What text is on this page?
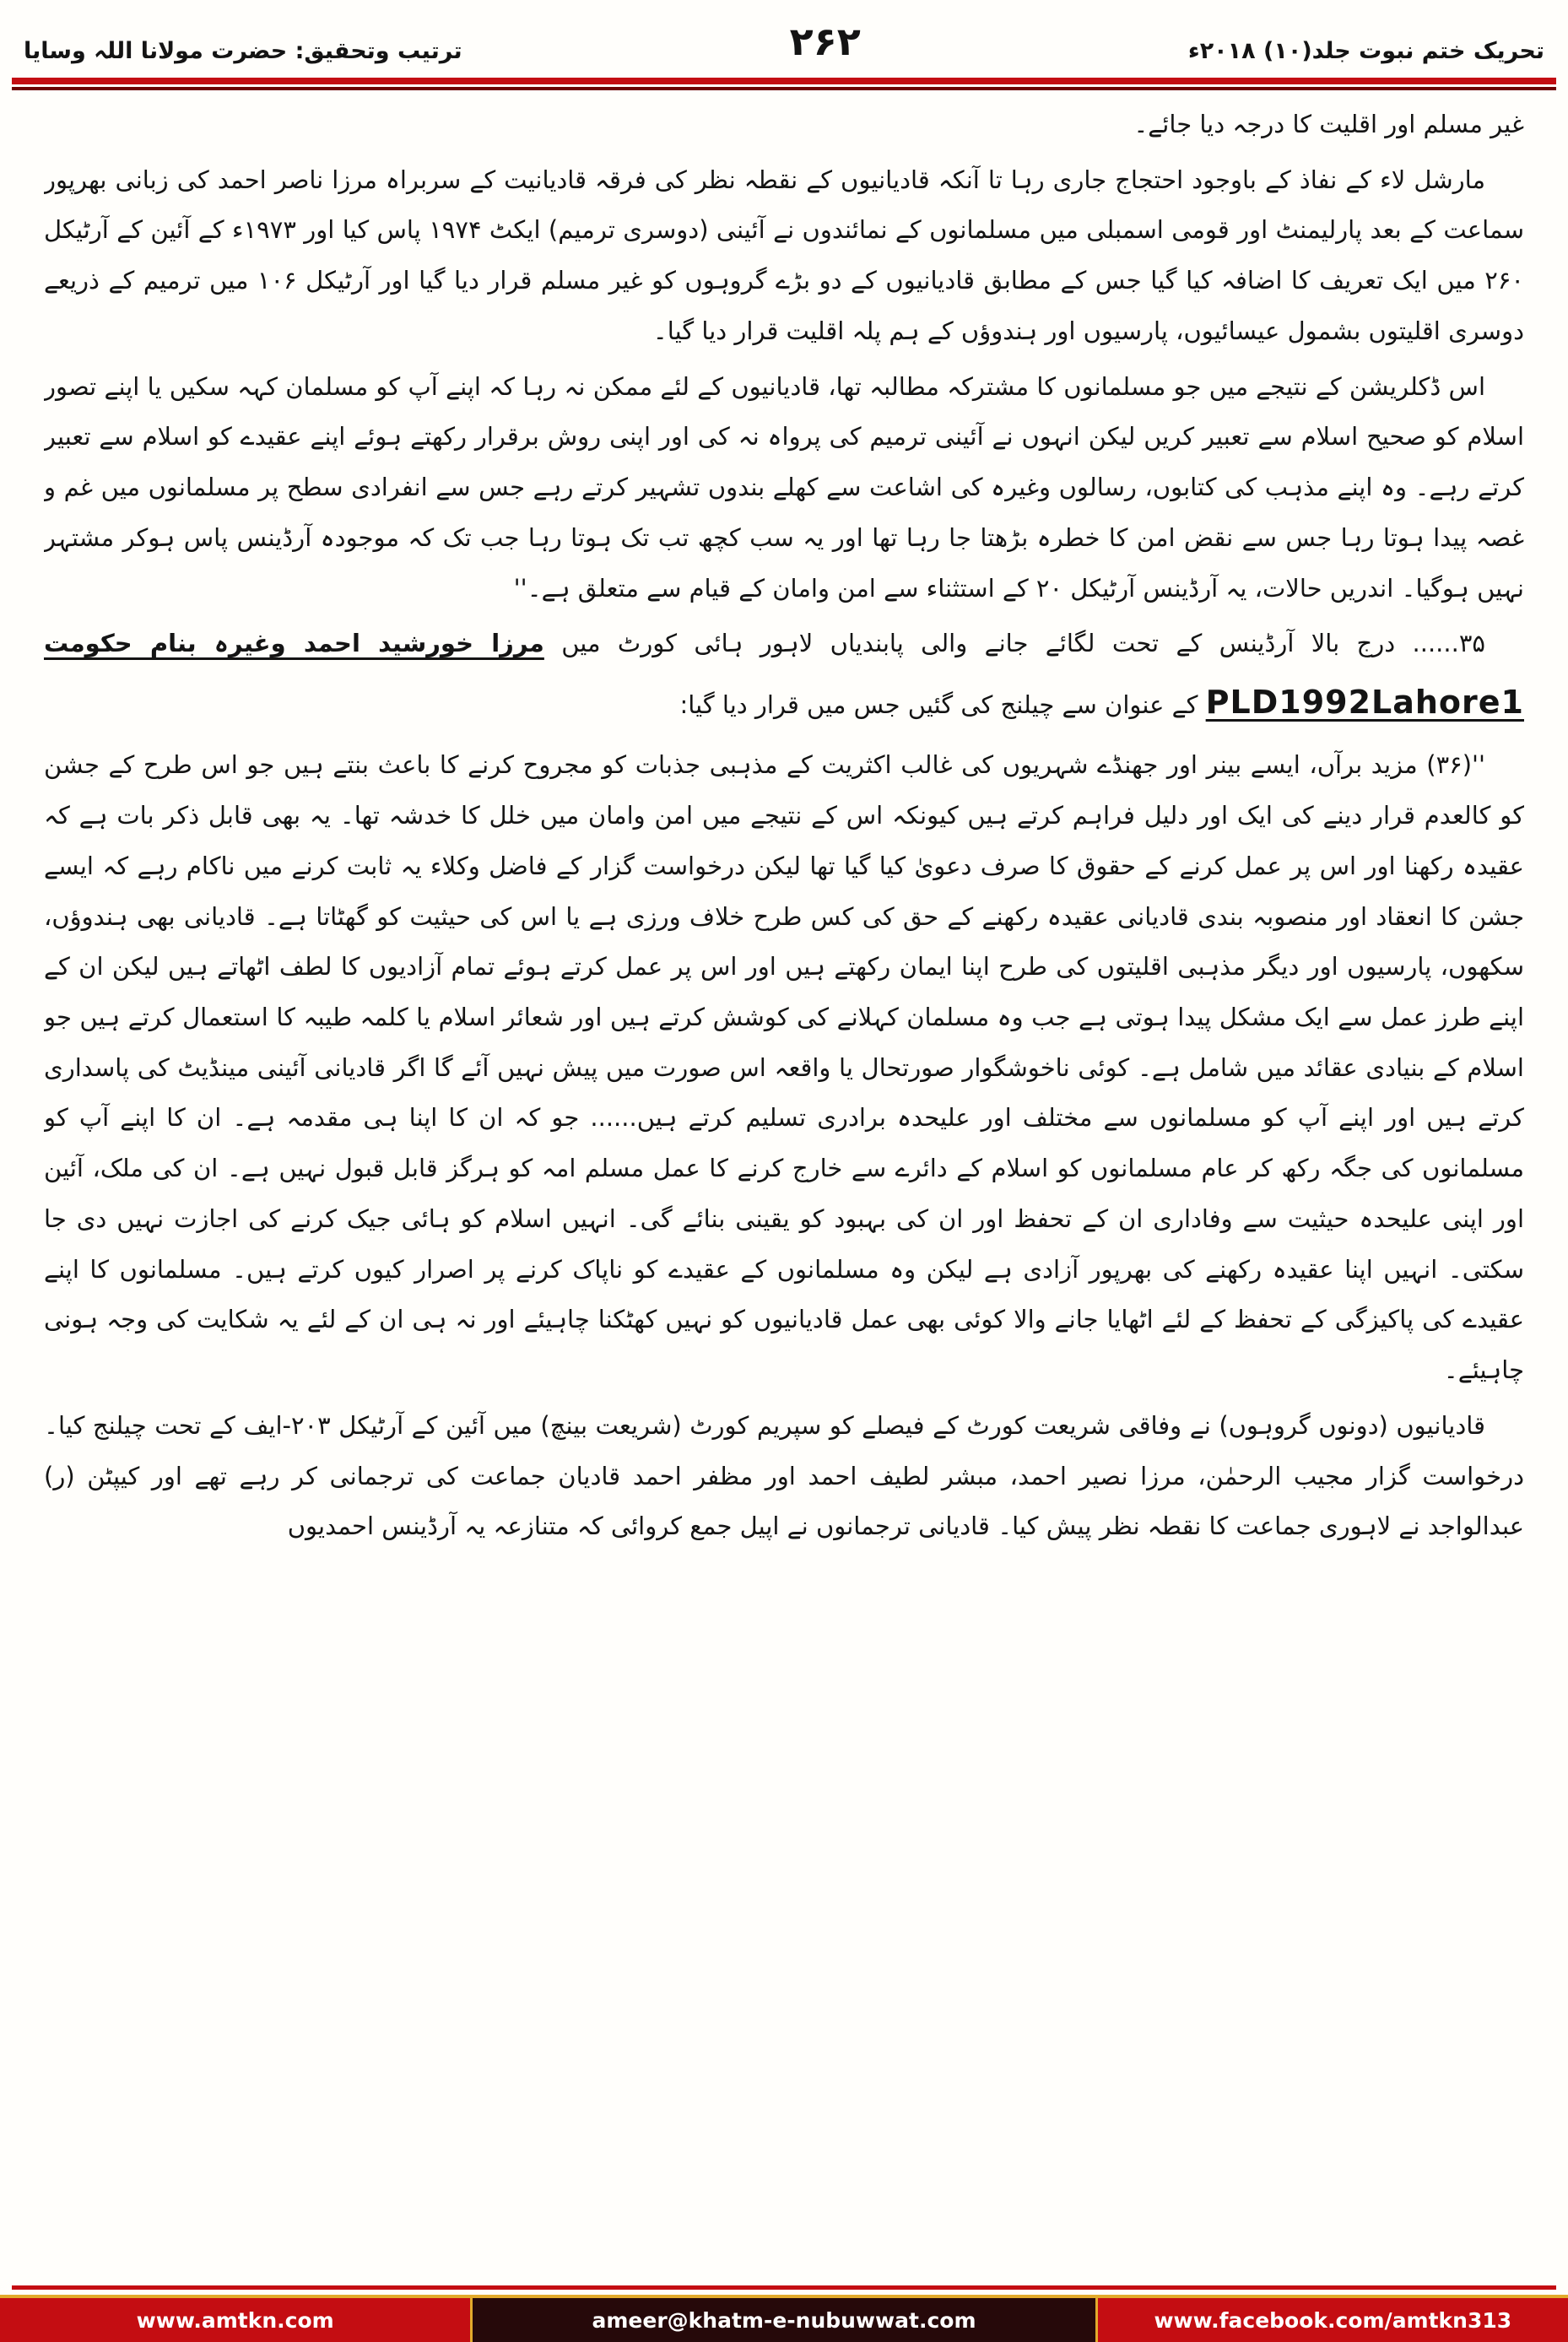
تحریک ختم نبوت جلد(۱۰) ۲۰۱۸ء
۲۶۲
ترتیب وتحقیق: حضرت مولانا اللہ وسایا

غیر مسلم اور اقلیت کا درجہ دیا جائے۔

مارشل لاء کے نفاذ کے باوجود احتجاج جاری رہا تا آنکہ قادیانیوں کے نقطہ نظر کی فرقہ قادیانیت کے سربراہ مرزا ناصر احمد کی زبانی بھرپور سماعت کے بعد پارلیمنٹ اور قومی اسمبلی میں مسلمانوں کے نمائندوں نے آئینی (دوسری ترمیم) ایکٹ ۱۹۷۴ پاس کیا اور ۱۹۷۳ء کے آئین کے آرٹیکل ۲۶۰ میں ایک تعریف کا اضافہ کیا گیا جس کے مطابق قادیانیوں کے دو بڑے گروہوں کو غیر مسلم قرار دیا گیا اور آرٹیکل ۱۰۶ میں ترمیم کے ذریعے دوسری اقلیتوں بشمول عیسائیوں، پارسیوں اور ہندوؤں کے ہم پلہ اقلیت قرار دیا گیا۔

اس ڈکلریشن کے نتیجے میں جو مسلمانوں کا مشترکہ مطالبہ تھا، قادیانیوں کے لئے ممکن نہ رہا کہ اپنے آپ کو مسلمان کہہ سکیں یا اپنے تصور اسلام کو صحیح اسلام سے تعبیر کریں لیکن انہوں نے آئینی ترمیم کی پرواہ نہ کی اور اپنی روش برقرار رکھتے ہوئے اپنے عقیدے کو اسلام سے تعبیر کرتے رہے۔ وہ اپنے مذہب کی کتابوں، رسالوں وغیرہ کی اشاعت سے کھلے بندوں تشہیر کرتے رہے جس سے انفرادی سطح پر مسلمانوں میں غم و غصہ پیدا ہوتا رہا جس سے نقض امن کا خطرہ بڑھتا جا رہا تھا اور یہ سب کچھ تب تک ہوتا رہا جب تک کہ موجودہ آرڈینس پاس ہوکر مشتہر نہیں ہوگیا۔ اندریں حالات، یہ آرڈینس آرٹیکل ۲۰ کے استثناء سے امن وامان کے قیام سے متعلق ہے۔''

۳۵...... درج بالا آرڈینس کے تحت لگائے جانے والی پابندیاں لاہور ہائی کورٹ میں مرزا خورشید احمد وغیرہ بنام حکومت PLD1992Lahore1 کے عنوان سے چیلنج کی گئیں جس میں قرار دیا گیا:

''(۳۶) مزید برآں، ایسے بینر اور جھنڈے شہریوں کی غالب اکثریت کے مذہبی جذبات کو مجروح کرنے کا باعث بنتے ہیں جو اس طرح کے جشن کو کالعدم قرار دینے کی ایک اور دلیل فراہم کرتے ہیں کیونکہ اس کے نتیجے میں امن وامان میں خلل کا خدشہ تھا۔ یہ بھی قابل ذکر بات ہے کہ عقیدہ رکھنا اور اس پر عمل کرنے کے حقوق کا صرف دعویٰ کیا گیا تھا لیکن درخواست گزار کے فاضل وکلاء یہ ثابت کرنے میں ناکام رہے کہ ایسے جشن کا انعقاد اور منصوبہ بندی قادیانی عقیدہ رکھنے کے حق کی کس طرح خلاف ورزی ہے یا اس کی حیثیت کو گھٹاتا ہے۔ قادیانی بھی ہندوؤں، سکھوں، پارسیوں اور دیگر مذہبی اقلیتوں کی طرح اپنا ایمان رکھتے ہیں اور اس پر عمل کرتے ہوئے تمام آزادیوں کا لطف اٹھاتے ہیں لیکن ان کے اپنے طرز عمل سے ایک مشکل پیدا ہوتی ہے جب وہ مسلمان کہلانے کی کوشش کرتے ہیں اور شعائر اسلام یا کلمہ طیبہ کا استعمال کرتے ہیں جو اسلام کے بنیادی عقائد میں شامل ہے۔ کوئی ناخوشگوار صورتحال یا واقعہ اس صورت میں پیش نہیں آئے گا اگر قادیانی آئینی مینڈیٹ کی پاسداری کرتے ہیں اور اپنے آپ کو مسلمانوں سے مختلف اور علیحدہ برادری تسلیم کرتے ہیں...... جو کہ ان کا اپنا ہی مقدمہ ہے۔ ان کا اپنے آپ کو مسلمانوں کی جگہ رکھ کر عام مسلمانوں کو اسلام کے دائرے سے خارج کرنے کا عمل مسلم امہ کو ہرگز قابل قبول نہیں ہے۔ ان کی ملک، آئین اور اپنی علیحدہ حیثیت سے وفاداری ان کے تحفظ اور ان کی بہبود کو یقینی بنائے گی۔ انہیں اسلام کو ہائی جیک کرنے کی اجازت نہیں دی جا سکتی۔ انہیں اپنا عقیدہ رکھنے کی بھرپور آزادی ہے لیکن وہ مسلمانوں کے عقیدے کو ناپاک کرنے پر اصرار کیوں کرتے ہیں۔ مسلمانوں کا اپنے عقیدے کی پاکیزگی کے تحفظ کے لئے اٹھایا جانے والا کوئی بھی عمل قادیانیوں کو نہیں کھٹکنا چاہیئے اور نہ ہی ان کے لئے یہ شکایت کی وجہ ہونی چاہیئے۔

قادیانیوں (دونوں گروہوں) نے وفاقی شریعت کورٹ کے فیصلے کو سپریم کورٹ (شریعت بینچ) میں آئین کے آرٹیکل ۲۰۳-ایف کے تحت چیلنج کیا۔ درخواست گزار مجیب الرحمٰن، مرزا نصیر احمد، مبشر لطیف احمد اور مظفر احمد قادیان جماعت کی ترجمانی کر رہے تھے اور کیپٹن (ر) عبدالواجد نے لاہوری جماعت کا نقطہ نظر پیش کیا۔ قادیانی ترجمانوں نے اپیل جمع کروائی کہ متنازعہ یہ آرڈینس احمدیوں

www.amtkn.com	ameer@khatm-e-nubuwwat.com	www.facebook.com/amtkn313
